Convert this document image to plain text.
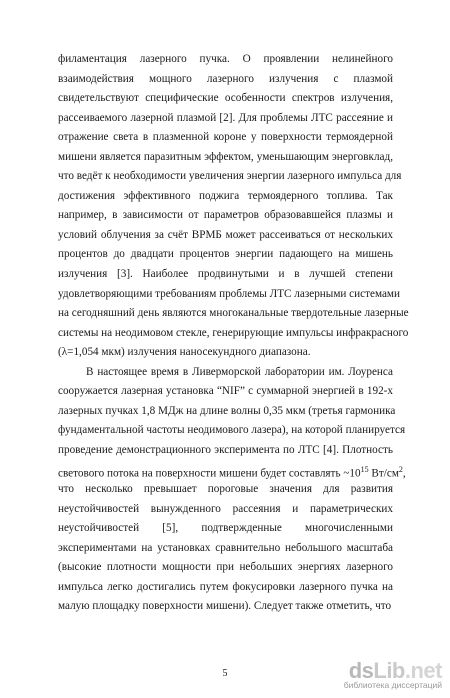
филаментация лазерного пучка. О проявлении нелинейного
взаимодействия мощного лазерного излучения с плазмой
свидетельствуют специфические особенности спектров излучения,
рассеиваемого лазерной плазмой [2]. Для проблемы ЛТС рассеяние и
отражение света в плазменной короне у поверхности термоядерной
мишени является паразитным эффектом, уменьшающим энерговклад,
что ведёт к необходимости увеличения энергии лазерного импульса для
достижения эффективного поджига термоядерного топлива. Так
например, в зависимости от параметров образовавшейся плазмы и
условий облучения за счёт ВРМБ может рассеиваться от нескольких
процентов до двадцати процентов энергии падающего на мишень
излучения [3]. Наиболее продвинутыми и в лучшей степени
удовлетворяющими требованиям проблемы ЛТС лазерными системами
на сегодняшний день являются многоканальные твердотельные лазерные
системы на неодимовом стекле, генерирующие импульсы инфракрасного
(λ=1,054 мкм) излучения наносекундного диапазона.
В настоящее время в Ливерморской лаборатории им. Лоуренса
сооружается лазерная установка “NIF” с суммарной энергией в 192-х
лазерных пучках 1,8 МДж на длине волны 0,35 мкм (третья гармоника
фундаментальной частоты неодимового лазера), на которой планируется
проведение демонстрационного эксперимента по ЛТС [4]. Плотность
светового потока на поверхности мишени будет составлять $\sim 10^{15}$ $Вт/см^2$,
что несколько превышает пороговые значения для развития
неустойчивостей вынужденного рассеяния и параметрических
неустойчивостей [5], подтвержденные многочисленными
экспериментами на установках сравнительно небольшого масштаба
(высокие плотности мощности при небольших энергиях лазерного
импульса легко достигались путем фокусировки лазерного пучка на
малую площадку поверхности мишени). Следует также отметить, что
5	dsLib.net
библиотека диссертаций
